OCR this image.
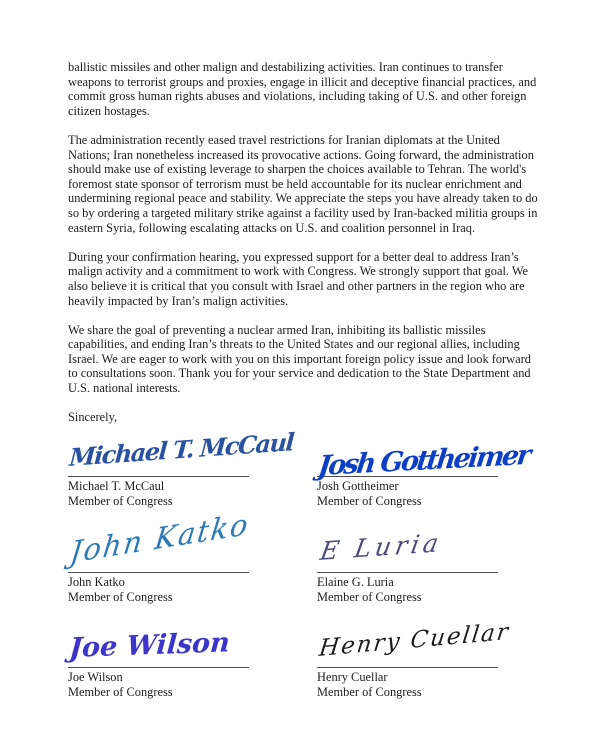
ballistic missiles and other malign and destabilizing activities. Iran continues to transfer weapons to terrorist groups and proxies, engage in illicit and deceptive financial practices, and commit gross human rights abuses and violations, including taking of U.S. and other foreign citizen hostages.

The administration recently eased travel restrictions for Iranian diplomats at the United Nations; Iran nonetheless increased its provocative actions. Going forward, the administration should make use of existing leverage to sharpen the choices available to Tehran. The world's foremost state sponsor of terrorism must be held accountable for its nuclear enrichment and undermining regional peace and stability. We appreciate the steps you have already taken to do so by ordering a targeted military strike against a facility used by Iran-backed militia groups in eastern Syria, following escalating attacks on U.S. and coalition personnel in Iraq.

During your confirmation hearing, you expressed support for a better deal to address Iran’s malign activity and a commitment to work with Congress. We strongly support that goal. We also believe it is critical that you consult with Israel and other partners in the region who are heavily impacted by Iran’s malign activities.

We share the goal of preventing a nuclear armed Iran, inhibiting its ballistic missiles capabilities, and ending Iran’s threats to the United States and our regional allies, including Israel. We are eager to work with you on this important foreign policy issue and look forward to consultations soon. Thank you for your service and dedication to the State Department and U.S. national interests.

Sincerely,

Michael T. McCaul
Michael T. McCaul
Member of Congress
Josh Gottheimer
Josh Gottheimer
Member of Congress
John Katko
John Katko
Member of Congress
E Luria
Elaine G. Luria
Member of Congress
Joe Wilson
Joe Wilson
Member of Congress
Henry Cuellar
Henry Cuellar
Member of Congress
